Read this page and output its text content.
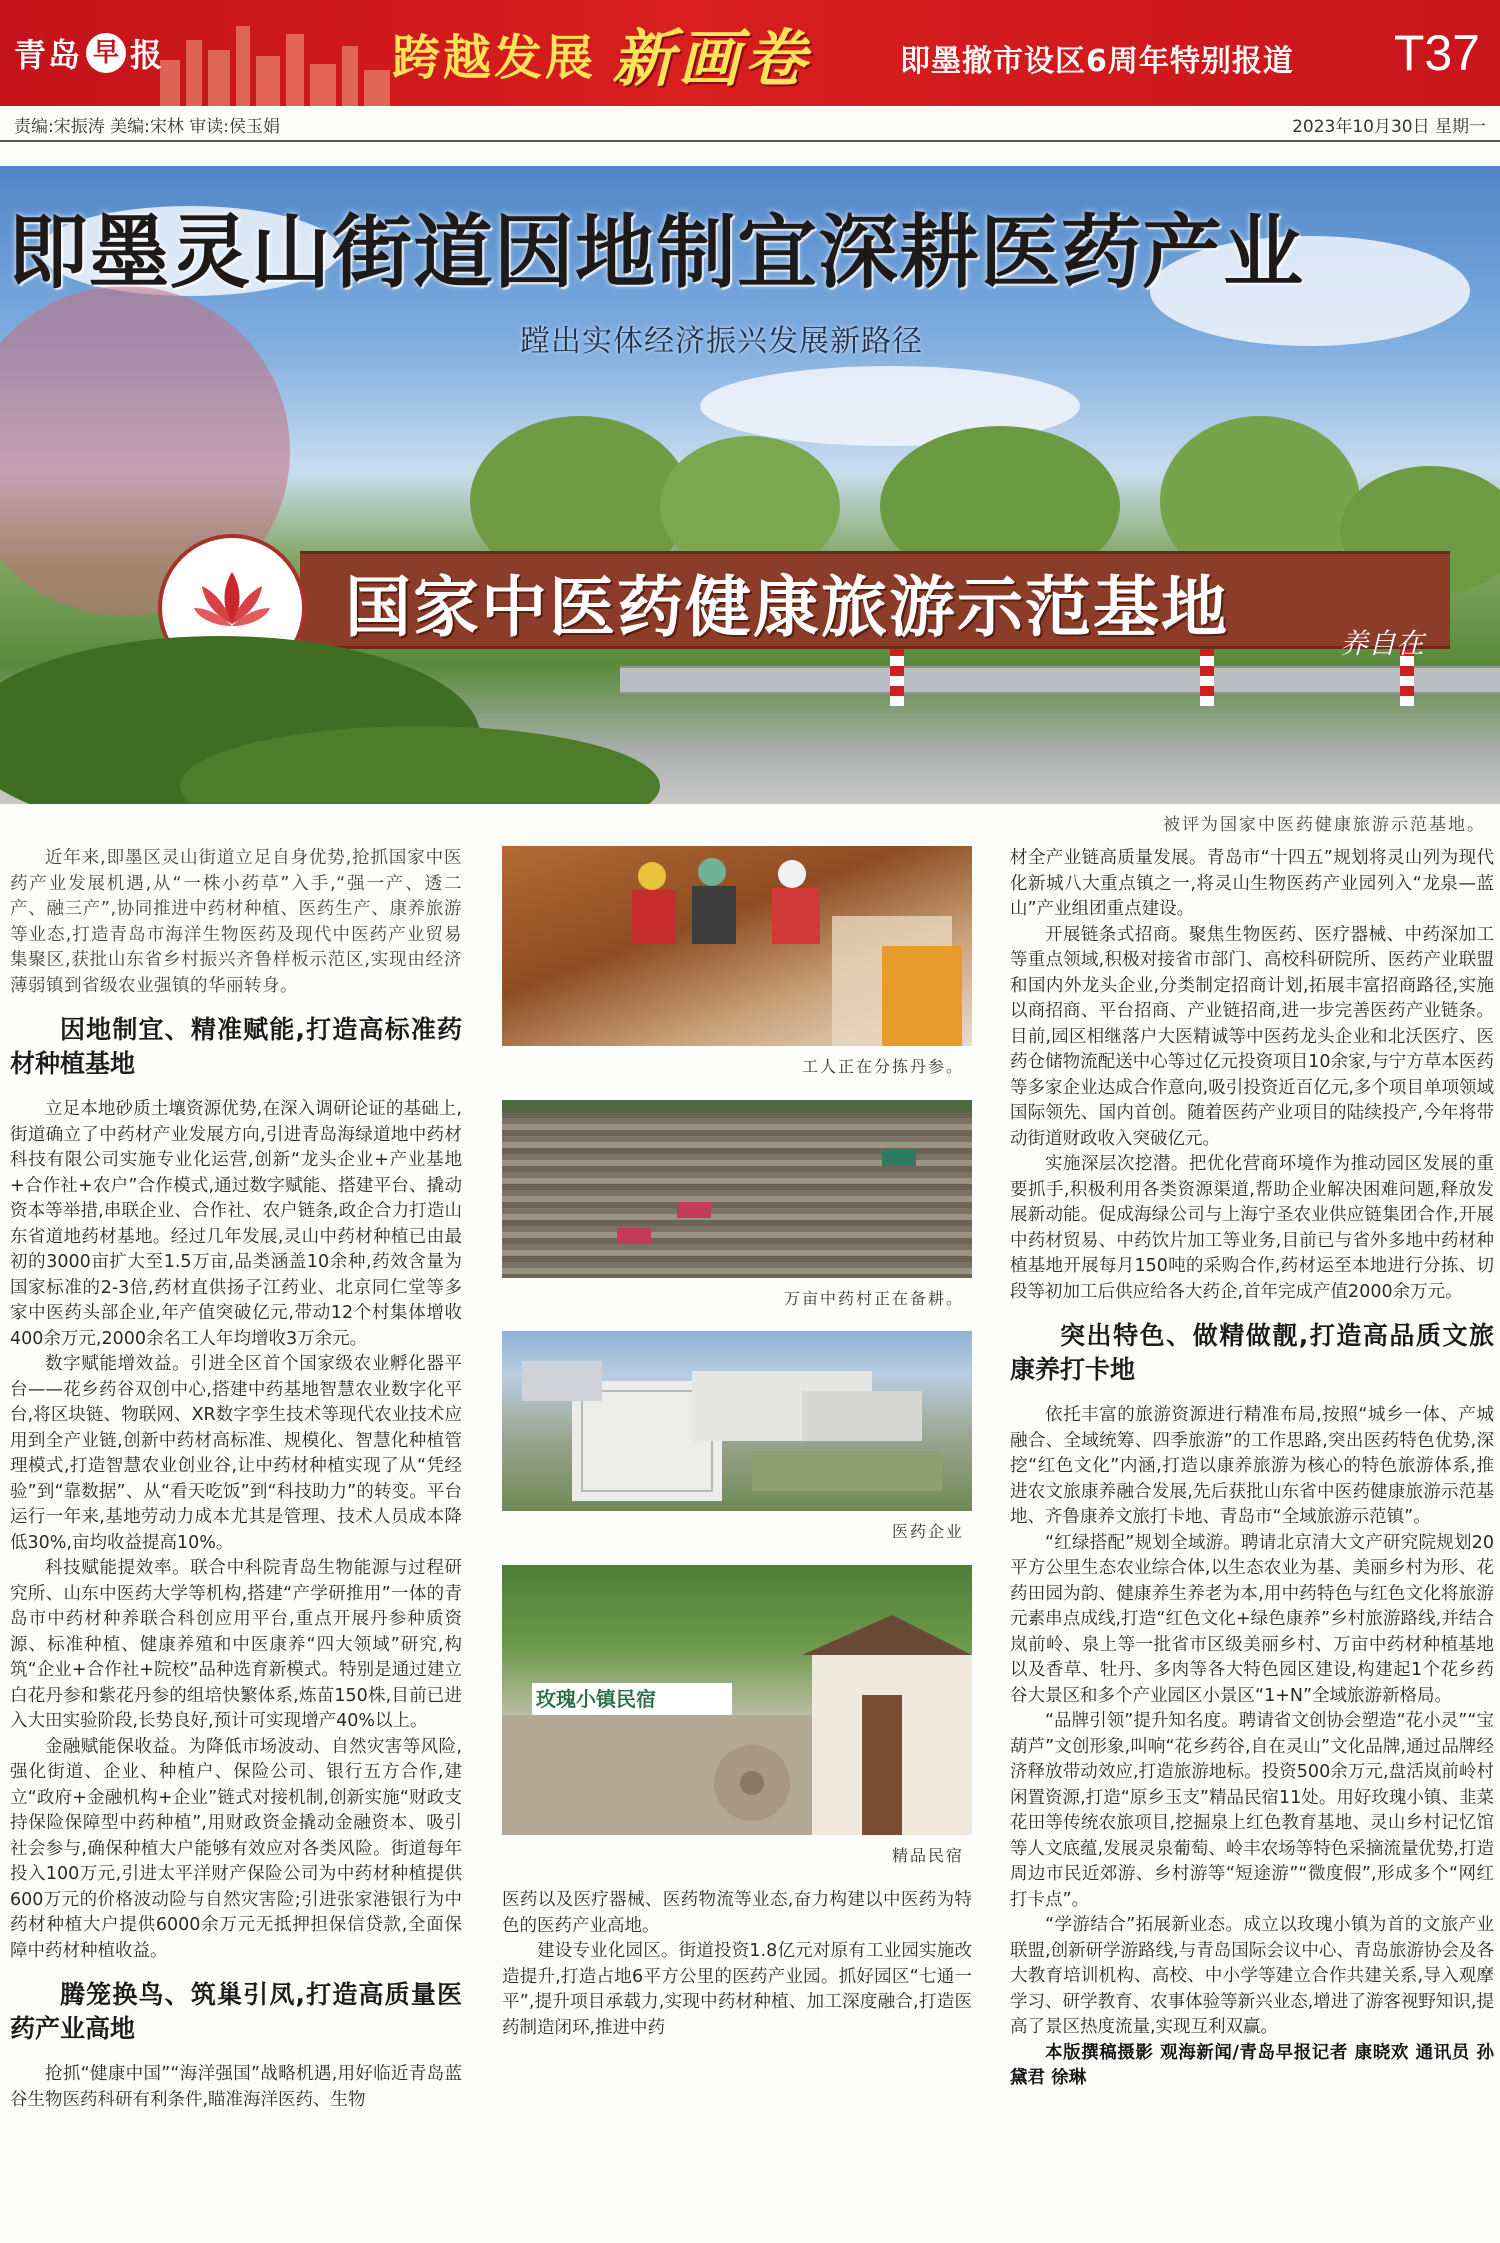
青岛 早 报	跨越发展 新画卷	即墨撤市设区6周年特别报道 T37
责编:宋振涛 美编:宋林 审读:侯玉娟	2023年10月30日 星期一
国家中医药健康旅游示范基地	养自在
即墨灵山街道因地制宜深耕医药产业
蹚出实体经济振兴发展新路径
被评为国家中医药健康旅游示范基地。

近年来,即墨区灵山街道立足自身优势,抢抓国家中医药产业发展机遇,从“一株小药草”入手,“强一产、透二产、融三产”,协同推进中药材种植、医药生产、康养旅游等业态,打造青岛市海洋生物医药及现代中医药产业贸易集聚区,获批山东省乡村振兴齐鲁样板示范区,实现由经济薄弱镇到省级农业强镇的华丽转身。

因地制宜、精准赋能,打造高标准药材种植基地

立足本地砂质土壤资源优势,在深入调研论证的基础上,街道确立了中药材产业发展方向,引进青岛海绿道地中药材科技有限公司实施专业化运营,创新“龙头企业+产业基地+合作社+农户”合作模式,通过数字赋能、搭建平台、撬动资本等举措,串联企业、合作社、农户链条,政企合力打造山东省道地药材基地。经过几年发展,灵山中药材种植已由最初的3000亩扩大至1.5万亩,品类涵盖10余种,药效含量为国家标准的2-3倍,药材直供扬子江药业、北京同仁堂等多家中医药头部企业,年产值突破亿元,带动12个村集体增收400余万元,2000余名工人年均增收3万余元。

数字赋能增效益。引进全区首个国家级农业孵化器平台——花乡药谷双创中心,搭建中药基地智慧农业数字化平台,将区块链、物联网、XR数字孪生技术等现代农业技术应用到全产业链,创新中药材高标准、规模化、智慧化种植管理模式,打造智慧农业创业谷,让中药材种植实现了从“凭经验”到“靠数据”、从“看天吃饭”到“科技助力”的转变。平台运行一年来,基地劳动力成本尤其是管理、技术人员成本降低30%,亩均收益提高10%。

科技赋能提效率。联合中科院青岛生物能源与过程研究所、山东中医药大学等机构,搭建“产学研推用”一体的青岛市中药材种养联合科创应用平台,重点开展丹参种质资源、标准种植、健康养殖和中医康养“四大领域”研究,构筑“企业+合作社+院校”品种选育新模式。特别是通过建立白花丹参和紫花丹参的组培快繁体系,炼苗150株,目前已进入大田实验阶段,长势良好,预计可实现增产40%以上。

金融赋能保收益。为降低市场波动、自然灾害等风险,强化街道、企业、种植户、保险公司、银行五方合作,建立“政府+金融机构+企业”链式对接机制,创新实施“财政支持保险保障型中药种植”,用财政资金撬动金融资本、吸引社会参与,确保种植大户能够有效应对各类风险。街道每年投入100万元,引进太平洋财产保险公司为中药材种植提供600万元的价格波动险与自然灾害险;引进张家港银行为中药材种植大户提供6000余万元无抵押担保信贷款,全面保障中药材种植收益。

腾笼换鸟、筑巢引凤,打造高质量医药产业高地

抢抓“健康中国”“海洋强国”战略机遇,用好临近青岛蓝谷生物医药科研有利条件,瞄准海洋医药、生物

工人正在分拣丹参。
万亩中药村正在备耕。
医药企业
玫瑰小镇民宿
精品民宿

医药以及医疗器械、医药物流等业态,奋力构建以中医药为特色的医药产业高地。

建设专业化园区。街道投资1.8亿元对原有工业园实施改造提升,打造占地6平方公里的医药产业园。抓好园区“七通一平”,提升项目承载力,实现中药材种植、加工深度融合,打造医药制造闭环,推进中药

材全产业链高质量发展。青岛市“十四五”规划将灵山列为现代化新城八大重点镇之一,将灵山生物医药产业园列入“龙泉—蓝山”产业组团重点建设。

开展链条式招商。聚焦生物医药、医疗器械、中药深加工等重点领域,积极对接省市部门、高校科研院所、医药产业联盟和国内外龙头企业,分类制定招商计划,拓展丰富招商路径,实施以商招商、平台招商、产业链招商,进一步完善医药产业链条。目前,园区相继落户大医精诚等中医药龙头企业和北沃医疗、医药仓储物流配送中心等过亿元投资项目10余家,与宁方草本医药等多家企业达成合作意向,吸引投资近百亿元,多个项目单项领域国际领先、国内首创。随着医药产业项目的陆续投产,今年将带动街道财政收入突破亿元。

实施深层次挖潜。把优化营商环境作为推动园区发展的重要抓手,积极利用各类资源渠道,帮助企业解决困难问题,释放发展新动能。促成海绿公司与上海宁圣农业供应链集团合作,开展中药材贸易、中药饮片加工等业务,目前已与省外多地中药材种植基地开展每月150吨的采购合作,药材运至本地进行分拣、切段等初加工后供应给各大药企,首年完成产值2000余万元。

突出特色、做精做靓,打造高品质文旅康养打卡地

依托丰富的旅游资源进行精准布局,按照“城乡一体、产城融合、全域统筹、四季旅游”的工作思路,突出医药特色优势,深挖“红色文化”内涵,打造以康养旅游为核心的特色旅游体系,推进农文旅康养融合发展,先后获批山东省中医药健康旅游示范基地、齐鲁康养文旅打卡地、青岛市“全域旅游示范镇”。

“红绿搭配”规划全域游。聘请北京清大文产研究院规划20平方公里生态农业综合体,以生态农业为基、美丽乡村为形、花药田园为韵、健康养生养老为本,用中药特色与红色文化将旅游元素串点成线,打造“红色文化+绿色康养”乡村旅游路线,并结合岚前岭、泉上等一批省市区级美丽乡村、万亩中药材种植基地以及香草、牡丹、多肉等各大特色园区建设,构建起1个花乡药谷大景区和多个产业园区小景区“1+N”全域旅游新格局。

“品牌引领”提升知名度。聘请省文创协会塑造“花小灵”“宝葫芦”文创形象,叫响“花乡药谷,自在灵山”文化品牌,通过品牌经济释放带动效应,打造旅游地标。投资500余万元,盘活岚前岭村闲置资源,打造“原乡玉支”精品民宿11处。用好玫瑰小镇、韭菜花田等传统农旅项目,挖掘泉上红色教育基地、灵山乡村记忆馆等人文底蕴,发展灵泉葡萄、岭丰农场等特色采摘流量优势,打造周边市民近郊游、乡村游等“短途游”“微度假”,形成多个“网红打卡点”。

“学游结合”拓展新业态。成立以玫瑰小镇为首的文旅产业联盟,创新研学游路线,与青岛国际会议中心、青岛旅游协会及各大教育培训机构、高校、中小学等建立合作共建关系,导入观摩学习、研学教育、农事体验等新兴业态,增进了游客视野知识,提高了景区热度流量,实现互利双赢。

本版撰稿摄影 观海新闻/青岛早报记者 康晓欢 通讯员 孙黛君 徐琳
